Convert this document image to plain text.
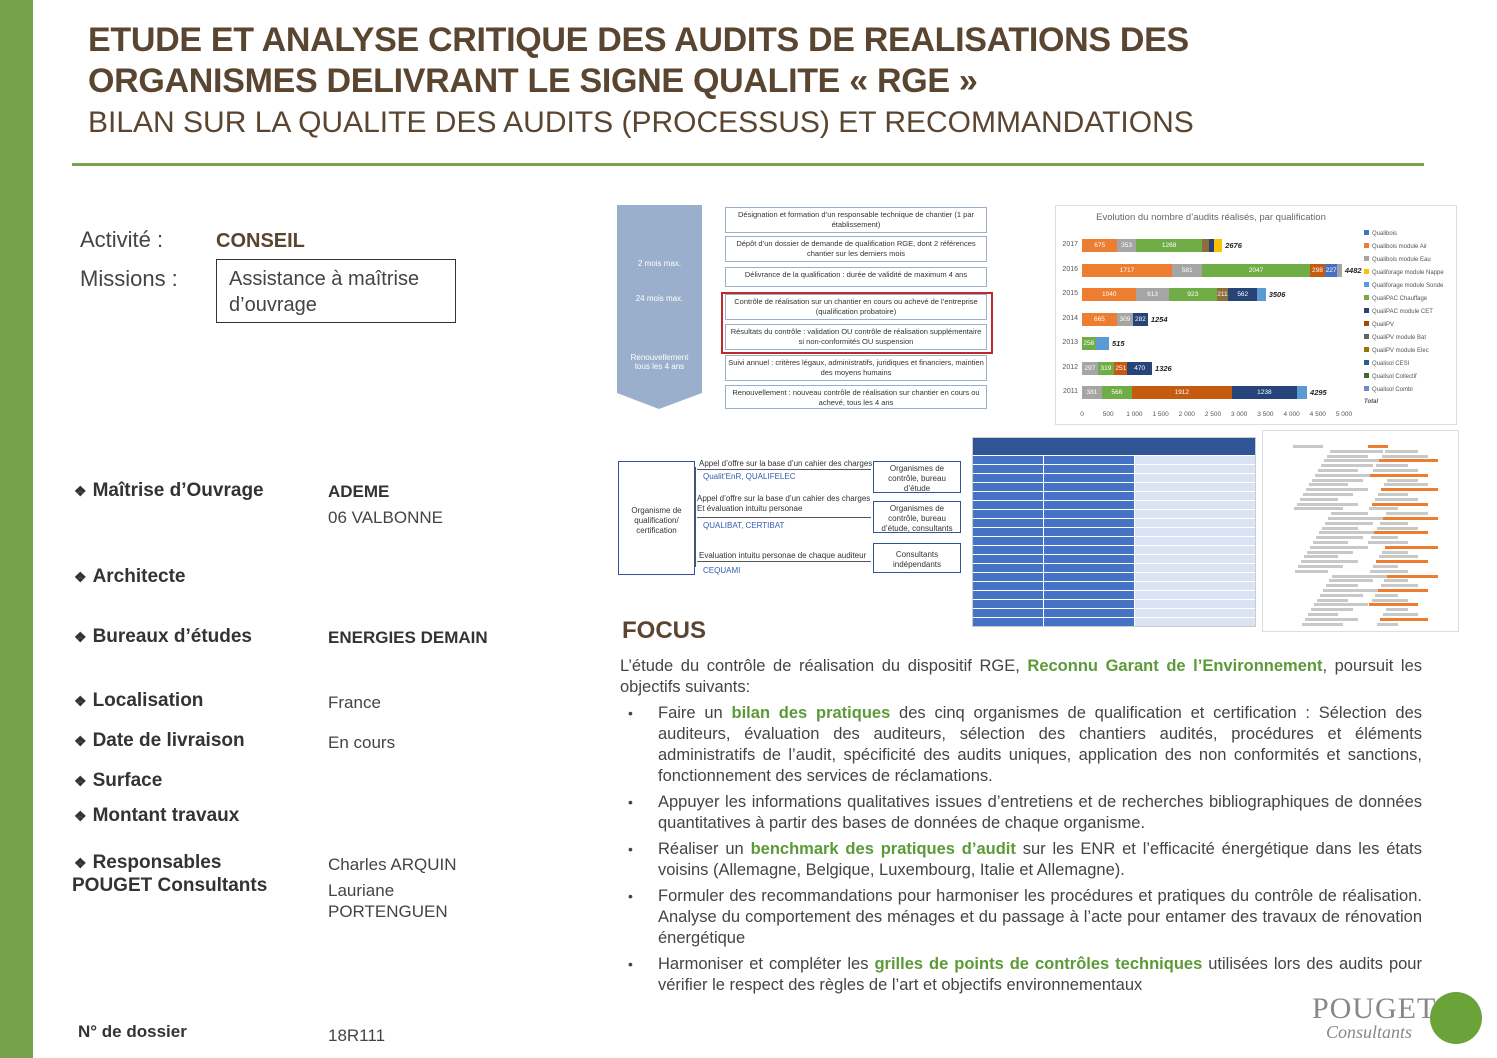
ETUDE ET ANALYSE CRITIQUE DES AUDITS DE REALISATIONS DES
ORGANISMES DELIVRANT LE SIGNE QUALITE « RGE »
BILAN SUR LA QUALITE DES AUDITS (PROCESSUS) ET RECOMMANDATIONS
Activité :	CONSEIL
Missions :	Assistance à maîtrise d’ouvrage
2 mois max.
24 mois max.
Renouvellement tous les 4 ans
Désignation et formation d’un responsable technique de chantier (1 par établissement)
Dépôt d’un dossier de demande de qualification RGE, dont 2 références chantier sur les derniers mois
Délivrance de la qualification : durée de validité de maximum 4 ans
Contrôle de réalisation sur un chantier en cours ou achevé de l’entreprise (qualification probatoire)
Résultats du contrôle : validation OU contrôle de réalisation supplémentaire si non-conformités OU suspension
Suivi annuel : critères légaux, administratifs, juridiques et financiers, maintien des moyens humains
Renouvellement : nouveau contrôle de réalisation sur chantier en cours ou achevé, tous les 4 ans
Evolution du nombre d’audits réalisés, par qualification
2017	675	353	1268	2676
2016	1717	581	2047	298 227 4482
2015	1040	613	923	211	562	3506
2014	665	309 282 1254
2013 258 515
2012 297 319 251	470	1326
2011	381	568	1912	1238	4295
0	500	1 000	1 500	2 000	2 500	3 000	3 500	4 000	4 500	5 000
Qualibois
Qualibois module Air
Qualibois module Eau
Qualiforage module Nappe
Qualiforage module Sonde
QualiPAC Chauffage
QualiPAC module CET
QualiPV
QualiPV module Bat
QualiPV module Elec
Qualisol CESI
Qualisol Collectif
Qualisol Combi
Total
Organisme de qualification/ certification
Appel d’offre sur la base d’un cahier des charges
Qualit’EnR, QUALIFELEC
Appel d’offre sur la base d’un cahier des charges Et évaluation intuitu personae
QUALIBAT, CERTIBAT
Evaluation intuitu personae de chaque auditeur
CEQUAMI
Organismes de contrôle, bureau d’étude
Organismes de contrôle, bureau d’étude, consultants
Consultants indépendants
❖ Maîtrise d’Ouvrage	ADEME
06 VALBONNE
❖ Architecte
❖ Bureaux d’études	ENERGIES DEMAIN
❖ Localisation	France
❖ Date de livraison	En cours
❖ Surface
❖ Montant travaux
❖ Responsables
POUGET Consultants
Charles ARQUIN
Lauriane
PORTENGUEN
N° de dossier	18R111
FOCUS
L’étude du contrôle de réalisation du dispositif RGE, Reconnu Garant de l’Environnement, poursuit les objectifs suivants:
• Faire un bilan des pratiques des cinq organismes de qualification et certification : Sélection des auditeurs, évaluation des auditeurs, sélection des chantiers audités, procédures et éléments administratifs de l’audit, spécificité des audits uniques, application des non conformités et sanctions, fonctionnement des services de réclamations.
• Appuyer les informations qualitatives issues d’entretiens et de recherches bibliographiques de données quantitatives à partir des bases de données de chaque organisme.
• Réaliser un benchmark des pratiques d’audit sur les ENR et l’efficacité énergétique dans les états voisins (Allemagne, Belgique, Luxembourg, Italie et Allemagne).
• Formuler des recommandations pour harmoniser les procédures et pratiques du contrôle de réalisation. Analyse du comportement des ménages et du passage à l’acte pour entamer des travaux de rénovation énergétique
• Harmoniser et compléter les grilles de points de contrôles techniques utilisées lors des audits pour vérifier le respect des règles de l’art et objectifs environnementaux
POUGET
Consultants
